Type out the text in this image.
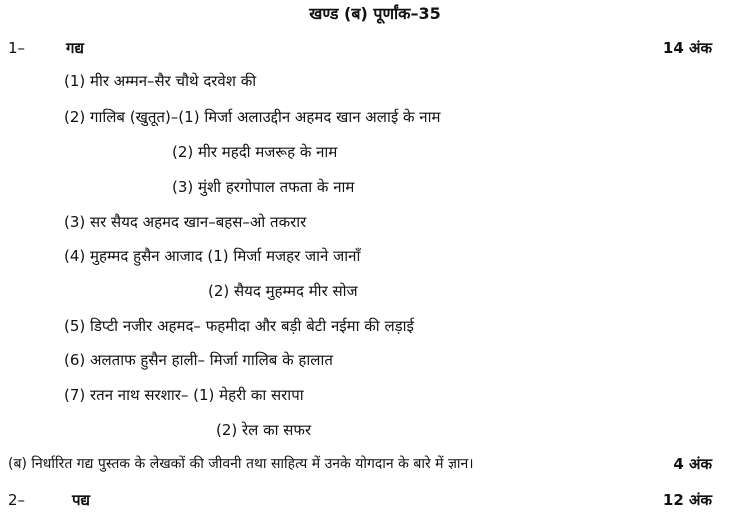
खण्ड (ब) पूर्णांक–35
1–	गद्य	14 अंक
(1) मीर अम्मन–सैर चौथे दरवेश की
(2) गालिब (खुतूत)–(1) मिर्जा अलाउद्दीन अहमद खान अलाई के नाम
(2) मीर महदी मजरूह के नाम
(3) मुंशी हरगोपाल तफता के नाम
(3) सर सैयद अहमद खान–बहस–ओ तकरार
(4) मुहम्मद हुसैन आजाद (1) मिर्जा मजहर जाने जानाँ
(2) सैयद मुहम्मद मीर सोज
(5) डिप्टी नजीर अहमद– फहमीदा और बड़ी बेटी नईमा की लड़ाई
(6) अलताफ हुसैन हाली– मिर्जा गालिब के हालात
(7) रतन नाथ सरशार– (1) मेहरी का सरापा
(2) रेल का सफर
(ब) निर्धारित गद्य पुस्तक के लेखकों की जीवनी तथा साहित्य में उनके योगदान के बारे में ज्ञान।	4 अंक
2–	पद्य	12 अंक
